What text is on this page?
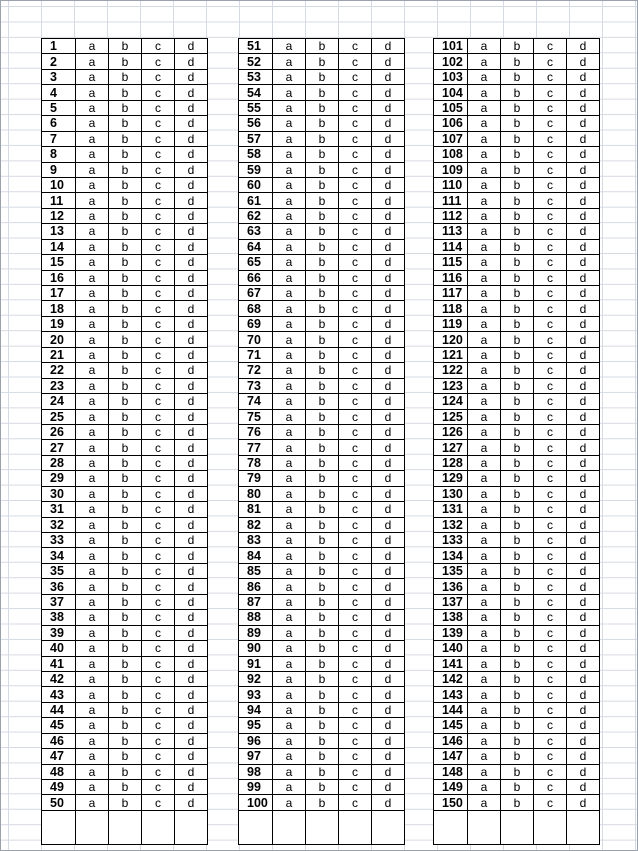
1	a	b	c	d
2	a	b	c	d
3	a	b	c	d
4	a	b	c	d
5	a	b	c	d
6	a	b	c	d
7	a	b	c	d
8	a	b	c	d
9	a	b	c	d
10	a	b	c	d
11	a	b	c	d
12	a	b	c	d
13	a	b	c	d
14	a	b	c	d
15	a	b	c	d
16	a	b	c	d
17	a	b	c	d
18	a	b	c	d
19	a	b	c	d
20	a	b	c	d
21	a	b	c	d
22	a	b	c	d
23	a	b	c	d
24	a	b	c	d
25	a	b	c	d
26	a	b	c	d
27	a	b	c	d
28	a	b	c	d
29	a	b	c	d
30	a	b	c	d
31	a	b	c	d
32	a	b	c	d
33	a	b	c	d
34	a	b	c	d
35	a	b	c	d
36	a	b	c	d
37	a	b	c	d
38	a	b	c	d
39	a	b	c	d
40	a	b	c	d
41	a	b	c	d
42	a	b	c	d
43	a	b	c	d
44	a	b	c	d
45	a	b	c	d
46	a	b	c	d
47	a	b	c	d
48	a	b	c	d
49	a	b	c	d
50	a	b	c	d

51	a	b	c	d
52	a	b	c	d
53	a	b	c	d
54	a	b	c	d
55	a	b	c	d
56	a	b	c	d
57	a	b	c	d
58	a	b	c	d
59	a	b	c	d
60	a	b	c	d
61	a	b	c	d
62	a	b	c	d
63	a	b	c	d
64	a	b	c	d
65	a	b	c	d
66	a	b	c	d
67	a	b	c	d
68	a	b	c	d
69	a	b	c	d
70	a	b	c	d
71	a	b	c	d
72	a	b	c	d
73	a	b	c	d
74	a	b	c	d
75	a	b	c	d
76	a	b	c	d
77	a	b	c	d
78	a	b	c	d
79	a	b	c	d
80	a	b	c	d
81	a	b	c	d
82	a	b	c	d
83	a	b	c	d
84	a	b	c	d
85	a	b	c	d
86	a	b	c	d
87	a	b	c	d
88	a	b	c	d
89	a	b	c	d
90	a	b	c	d
91	a	b	c	d
92	a	b	c	d
93	a	b	c	d
94	a	b	c	d
95	a	b	c	d
96	a	b	c	d
97	a	b	c	d
98	a	b	c	d
99	a	b	c	d
100	a	b	c	d

101	a	b	c	d
102	a	b	c	d
103	a	b	c	d
104	a	b	c	d
105	a	b	c	d
106	a	b	c	d
107	a	b	c	d
108	a	b	c	d
109	a	b	c	d
110	a	b	c	d
111	a	b	c	d
112	a	b	c	d
113	a	b	c	d
114	a	b	c	d
115	a	b	c	d
116	a	b	c	d
117	a	b	c	d
118	a	b	c	d
119	a	b	c	d
120	a	b	c	d
121	a	b	c	d
122	a	b	c	d
123	a	b	c	d
124	a	b	c	d
125	a	b	c	d
126	a	b	c	d
127	a	b	c	d
128	a	b	c	d
129	a	b	c	d
130	a	b	c	d
131	a	b	c	d
132	a	b	c	d
133	a	b	c	d
134	a	b	c	d
135	a	b	c	d
136	a	b	c	d
137	a	b	c	d
138	a	b	c	d
139	a	b	c	d
140	a	b	c	d
141	a	b	c	d
142	a	b	c	d
143	a	b	c	d
144	a	b	c	d
145	a	b	c	d
146	a	b	c	d
147	a	b	c	d
148	a	b	c	d
149	a	b	c	d
150	a	b	c	d
